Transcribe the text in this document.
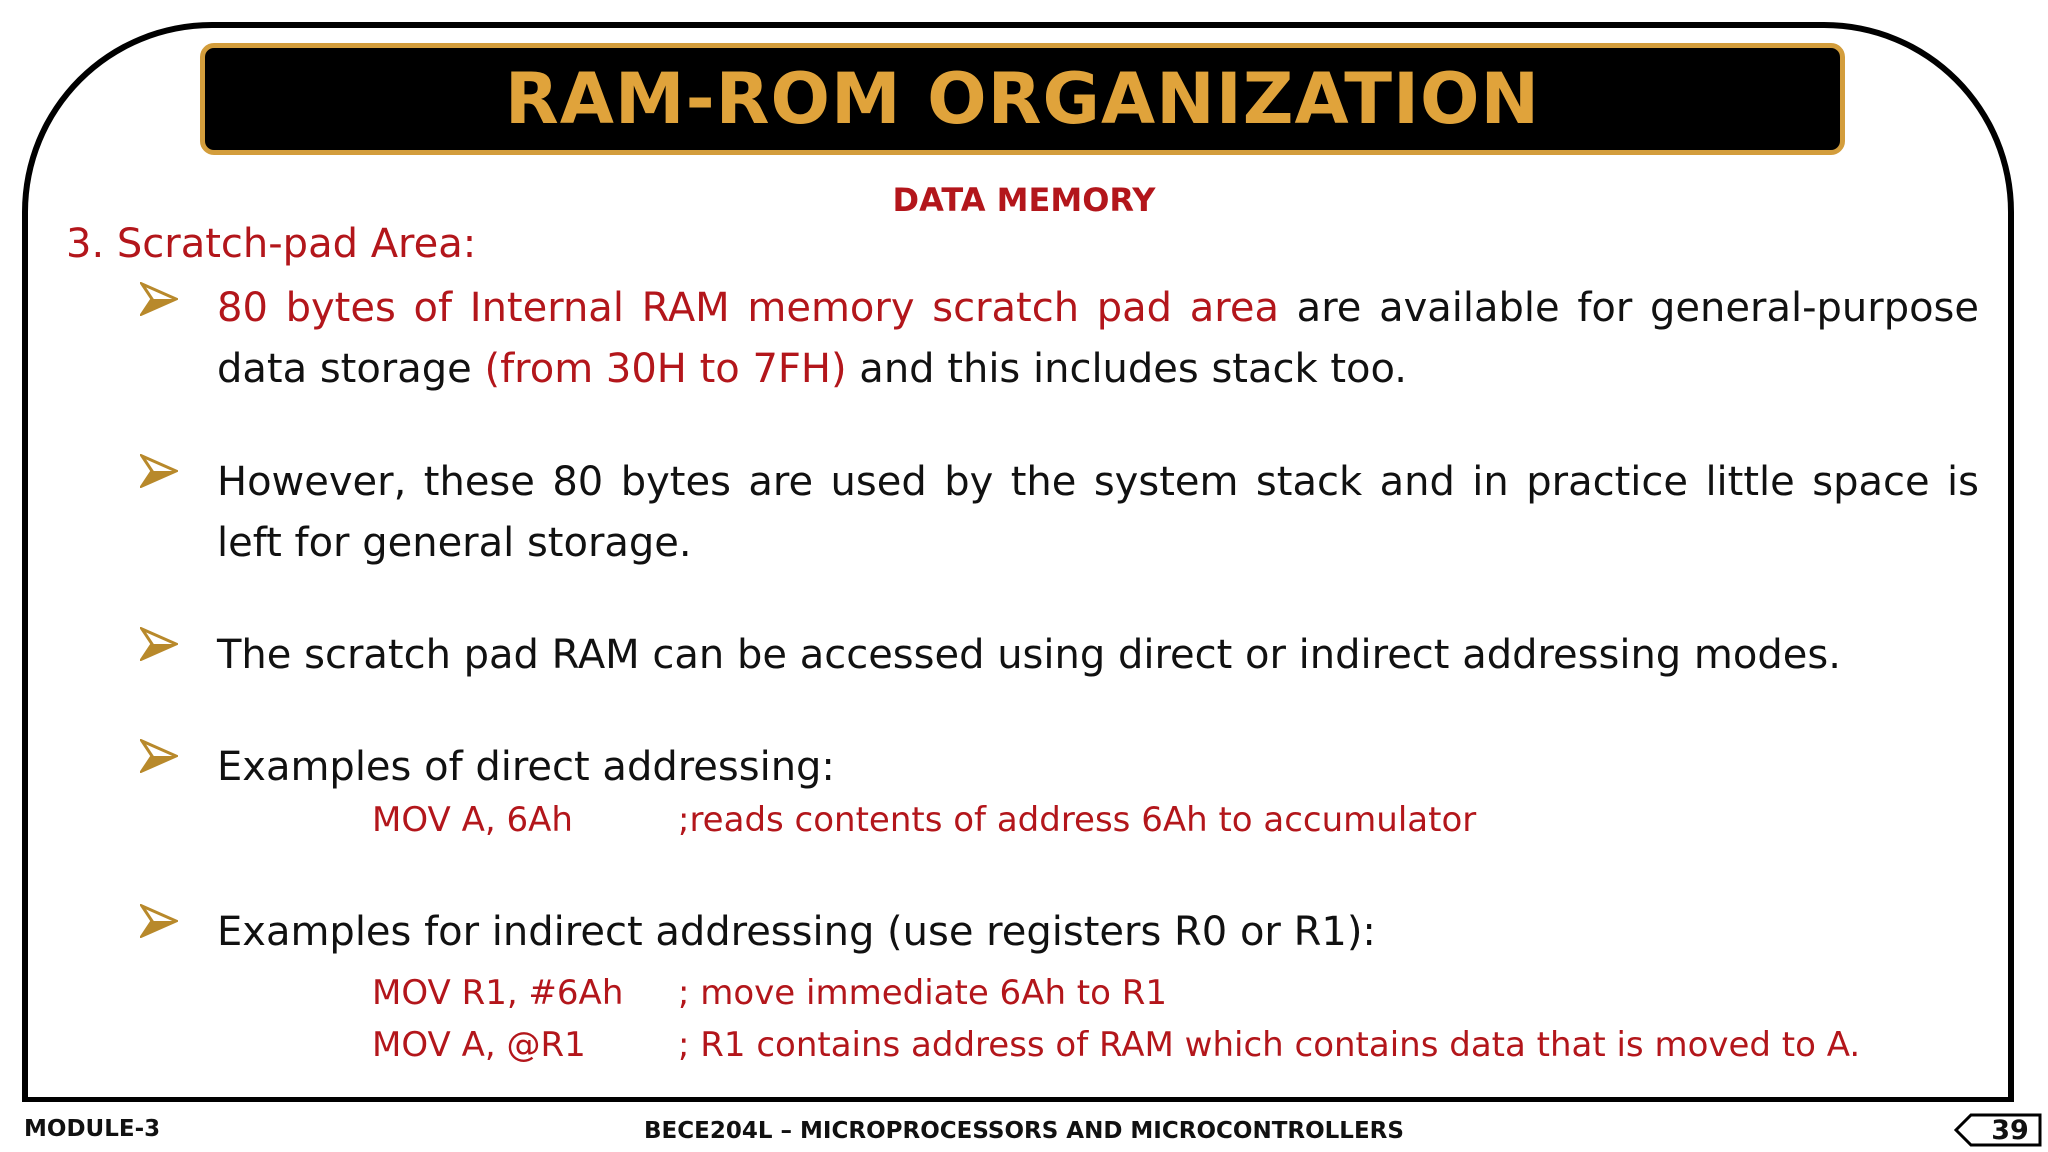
RAM-ROM ORGANIZATION
DATA MEMORY
3. Scratch-pad Area:
80 bytes of Internal RAM memory scratch pad area are available for general-purpose data storage (from 30H to 7FH) and this includes stack too.
However, these 80 bytes are used by the system stack and in practice little space is left for general storage.
The scratch pad RAM can be accessed using direct or indirect addressing modes.
Examples of direct addressing:
MOV A, 6Ah	;reads contents of address 6Ah to accumulator
Examples for indirect addressing (use registers R0 or R1):
MOV R1, #6Ah ; move immediate 6Ah to R1
MOV A, @R1	; R1 contains address of RAM which contains data that is moved to A.
MODULE-3	BECE204L – MICROPROCESSORS AND MICROCONTROLLERS	39
